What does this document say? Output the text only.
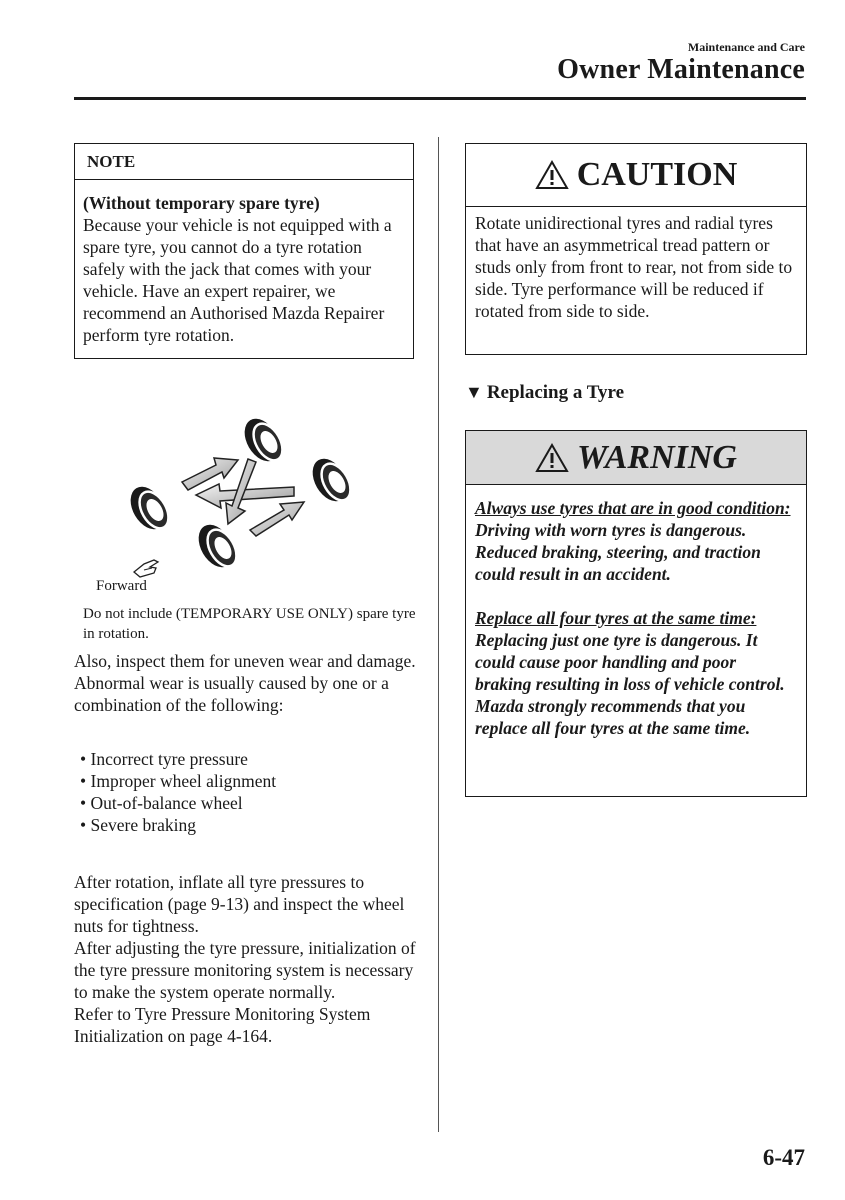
Maintenance and Care
Owner Maintenance
NOTE
(Without temporary spare tyre)
Because your vehicle is not equipped with a spare tyre, you cannot do a tyre rotation safely with the jack that comes with your vehicle. Have an expert repairer, we recommend an Authorised Mazda Repairer perform tyre rotation.
Forward
Do not include (TEMPORARY USE ONLY) spare tyre in rotation.
Also, inspect them for uneven wear and damage. Abnormal wear is usually caused by one or a combination of the following:
• Incorrect tyre pressure
• Improper wheel alignment
• Out-of-balance wheel
• Severe braking
After rotation, inflate all tyre pressures to specification (page 9-13) and inspect the wheel nuts for tightness.
After adjusting the tyre pressure, initialization of the tyre pressure monitoring system is necessary to make the system operate normally.
Refer to Tyre Pressure Monitoring System Initialization on page 4-164.
CAUTION
Rotate unidirectional tyres and radial tyres that have an asymmetrical tread pattern or studs only from front to rear, not from side to side. Tyre performance will be reduced if rotated from side to side.
▼ Replacing a Tyre
WARNING
Always use tyres that are in good condition:
Driving with worn tyres is dangerous. Reduced braking, steering, and traction could result in an accident.
Replace all four tyres at the same time:
Replacing just one tyre is dangerous. It could cause poor handling and poor braking resulting in loss of vehicle control. Mazda strongly recommends that you replace all four tyres at the same time.
6-47
